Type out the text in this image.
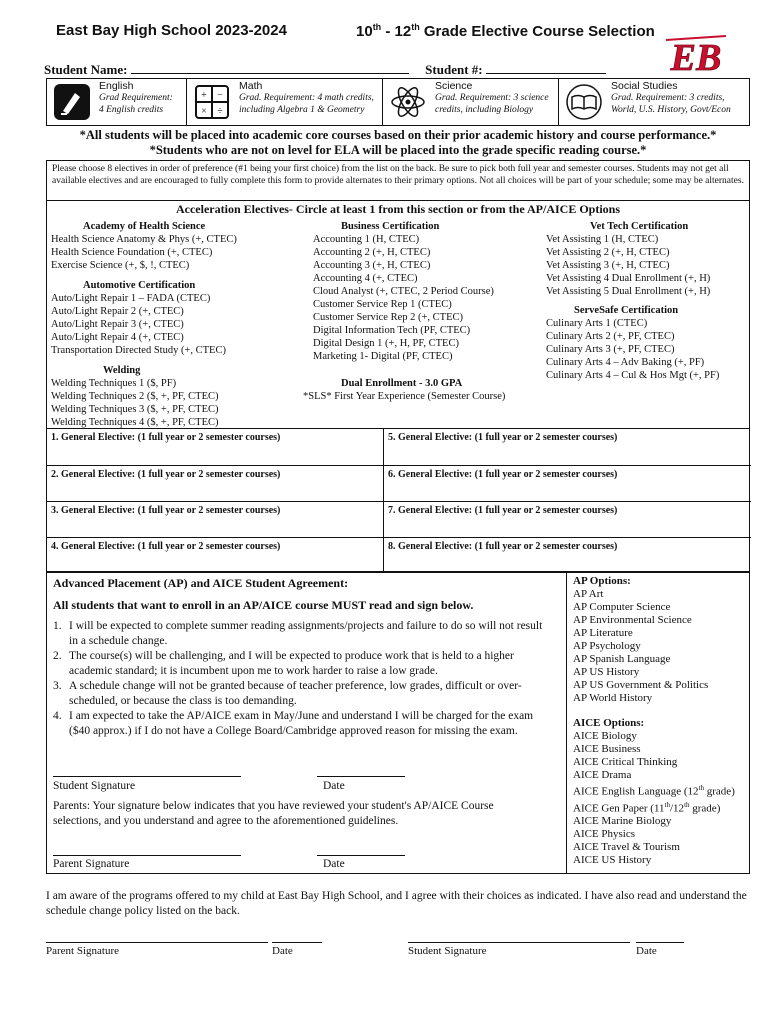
East Bay High School 2023-2024	10th - 12th Grade Elective Course Selection
EB
Student Name:	Student #:
English
Grad Requirement:
4 English credits
+ −
× ÷
Math
Grad. Requirement: 4 math credits,
including Algebra 1 & Geometry
Science
Grad. Requirement: 3 science
credits, including Biology
Social Studies
Grad. Requirement: 3 credits,
World, U.S. History, Govt/Econ
*All students will be placed into academic core courses based on their prior academic history and course performance.*
*Students who are not on level for ELA will be placed into the grade specific reading course.*
Please choose 8 electives in order of preference (#1 being your first choice) from the list on the back. Be sure to pick both full year and semester courses. Students may not get all available electives and are encouraged to fully complete this form to provide alternates to their primary options. Not all choices will be part of your schedule; some may be alternates.
Acceleration Electives- Circle at least 1 from this section or from the AP/AICE Options
Academy of Health Science
Health Science Anatomy & Phys (+, CTEC)
Health Science Foundation (+, CTEC)
Exercise Science (+, $, !, CTEC)
Automotive Certification
Auto/Light Repair 1 – FADA (CTEC)
Auto/Light Repair 2 (+, CTEC)
Auto/Light Repair 3 (+, CTEC)
Auto/Light Repair 4 (+, CTEC)
Transportation Directed Study (+, CTEC)
Welding
Welding Techniques 1 ($, PF)
Welding Techniques 2 ($, +, PF, CTEC)
Welding Techniques 3 ($, +, PF, CTEC)
Welding Techniques 4 ($, +, PF, CTEC)
Business Certification
Accounting 1 (H, CTEC)
Accounting 2 (+, H, CTEC)
Accounting 3 (+, H, CTEC)
Accounting 4 (+, CTEC)
Cloud Analyst (+, CTEC, 2 Period Course)
Customer Service Rep 1 (CTEC)
Customer Service Rep 2 (+, CTEC)
Digital Information Tech (PF, CTEC)
Digital Design 1 (+, H, PF, CTEC)
Marketing 1- Digital (PF, CTEC)
Dual Enrollment - 3.0 GPA
*SLS* First Year Experience (Semester Course)
Vet Tech Certification
Vet Assisting 1 (H, CTEC)
Vet Assisting 2 (+, H, CTEC)
Vet Assisting 3 (+, H, CTEC)
Vet Assisting 4 Dual Enrollment (+, H)
Vet Assisting 5 Dual Enrollment (+, H)
ServeSafe Certification
Culinary Arts 1 (CTEC)
Culinary Arts 2 (+, PF, CTEC)
Culinary Arts 3 (+, PF, CTEC)
Culinary Arts 4 – Adv Baking (+, PF)
Culinary Arts 4 – Cul & Hos Mgt (+, PF)
1. General Elective: (1 full year or 2 semester courses)	5. General Elective: (1 full year or 2 semester courses)
2. General Elective: (1 full year or 2 semester courses)	6. General Elective: (1 full year or 2 semester courses)
3. General Elective: (1 full year or 2 semester courses)	7. General Elective: (1 full year or 2 semester courses)
4. General Elective: (1 full year or 2 semester courses)	8. General Elective: (1 full year or 2 semester courses)
Advanced Placement (AP) and AICE Student Agreement:
All students that want to enroll in an AP/AICE course MUST read and sign below.
1. I will be expected to complete summer reading assignments/projects and failure to do so will not result in a schedule change.
2. The course(s) will be challenging, and I will be expected to produce work that is held to a higher academic standard; it is incumbent upon me to work harder to raise a low grade.
3. A schedule change will not be granted because of teacher preference, low grades, difficult or over-scheduled, or because the class is too demanding.
4. I am expected to take the AP/AICE exam in May/June and understand I will be charged for the exam ($40 approx.) if I do not have a College Board/Cambridge approved reason for missing the exam.
Student Signature	Date
Parents: Your signature below indicates that you have reviewed your student's AP/AICE Course selections, and you understand and agree to the aforementioned guidelines.
Parent Signature	Date
AP Options:
AP Art
AP Computer Science
AP Environmental Science
AP Literature
AP Psychology
AP Spanish Language
AP US History
AP US Government & Politics
AP World History
AICE Options:
AICE Biology
AICE Business
AICE Critical Thinking
AICE Drama
AICE English Language (12th grade)
AICE Gen Paper (11th/12th grade)
AICE Marine Biology
AICE Physics
AICE Travel & Tourism
AICE US History
I am aware of the programs offered to my child at East Bay High School, and I agree with their choices as indicated. I have also read and understand the schedule change policy listed on the back.
Parent Signature	Date	Student Signature	Date
